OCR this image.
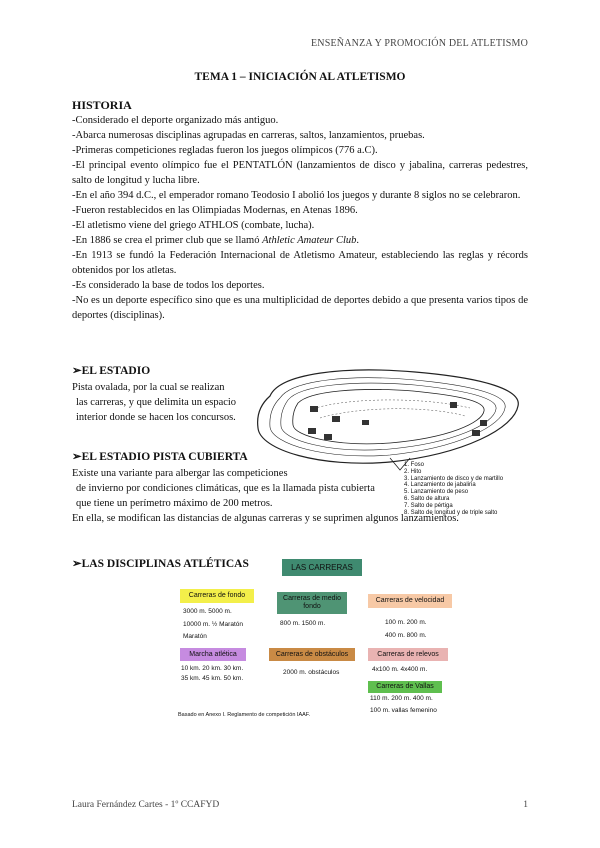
ENSEÑANZA Y PROMOCIÓN DEL ATLETISMO
TEMA 1 – INICIACIÓN AL ATLETISMO
HISTORIA
-Considerado el deporte organizado más antiguo.
-Abarca numerosas disciplinas agrupadas en carreras, saltos, lanzamientos, pruebas.
-Primeras competiciones regladas fueron los juegos olímpicos (776 a.C).
-El principal evento olímpico fue el PENTATLÓN (lanzamientos de disco y jabalina, carreras pedestres, salto de longitud y lucha libre.
-En el año 394 d.C., el emperador romano Teodosio I abolió los juegos y durante 8 siglos no se celebraron.
-Fueron restablecidos en las Olimpiadas Modernas, en Atenas 1896.
-El atletismo viene del griego ATHLOS (combate, lucha).
-En 1886 se crea el primer club que se llamó Athletic Amateur Club.
-En 1913 se fundó la Federación Internacional de Atletismo Amateur, estableciendo las reglas y récords obtenidos por los atletas.
-Es considerado la base de todos los deportes.
-No es un deporte específico sino que es una multiplicidad de deportes debido a que presenta varios tipos de deportes (disciplinas).
➢EL ESTADIO
Pista ovalada, por la cual se realizan
las carreras, y que delimita un espacio
interior donde se hacen los concursos.
➢EL ESTADIO PISTA CUBIERTA
Existe una variante para albergar las competiciones
de invierno por condiciones climáticas, que es la llamada pista cubierta
que tiene un perímetro máximo de 200 metros.
En ella, se modifican las distancias de algunas carreras y se suprimen algunos lanzamientos.
1. Foso
2. Hito
3. Lanzamiento de disco y de martillo
4. Lanzamiento de jabalina
5. Lanzamiento de peso
6. Salto de altura
7. Salto de pértiga
8. Salto de longitud y de triple salto
➢LAS DISCIPLINAS ATLÉTICAS	LAS CARRERAS
Carreras de fondo
3000 m. 5000 m.
10000 m. ½ Maratón
Maratón
Carreras de medio fondo
800 m. 1500 m.
Carreras de velocidad
100 m. 200 m.
400 m. 800 m.
Marcha atlética
10 km. 20 km. 30 km.
35 km. 45 km. 50 km.
Carreras de obstáculos
2000 m. obstáculos
Carreras de relevos
4x100 m. 4x400 m.
Carreras de Vallas
110 m. 200 m. 400 m.
100 m. vallas femenino
Basado en Anexo I. Reglamento de competición IAAF.
Laura Fernández Cartes - 1º CCAFYD	1
